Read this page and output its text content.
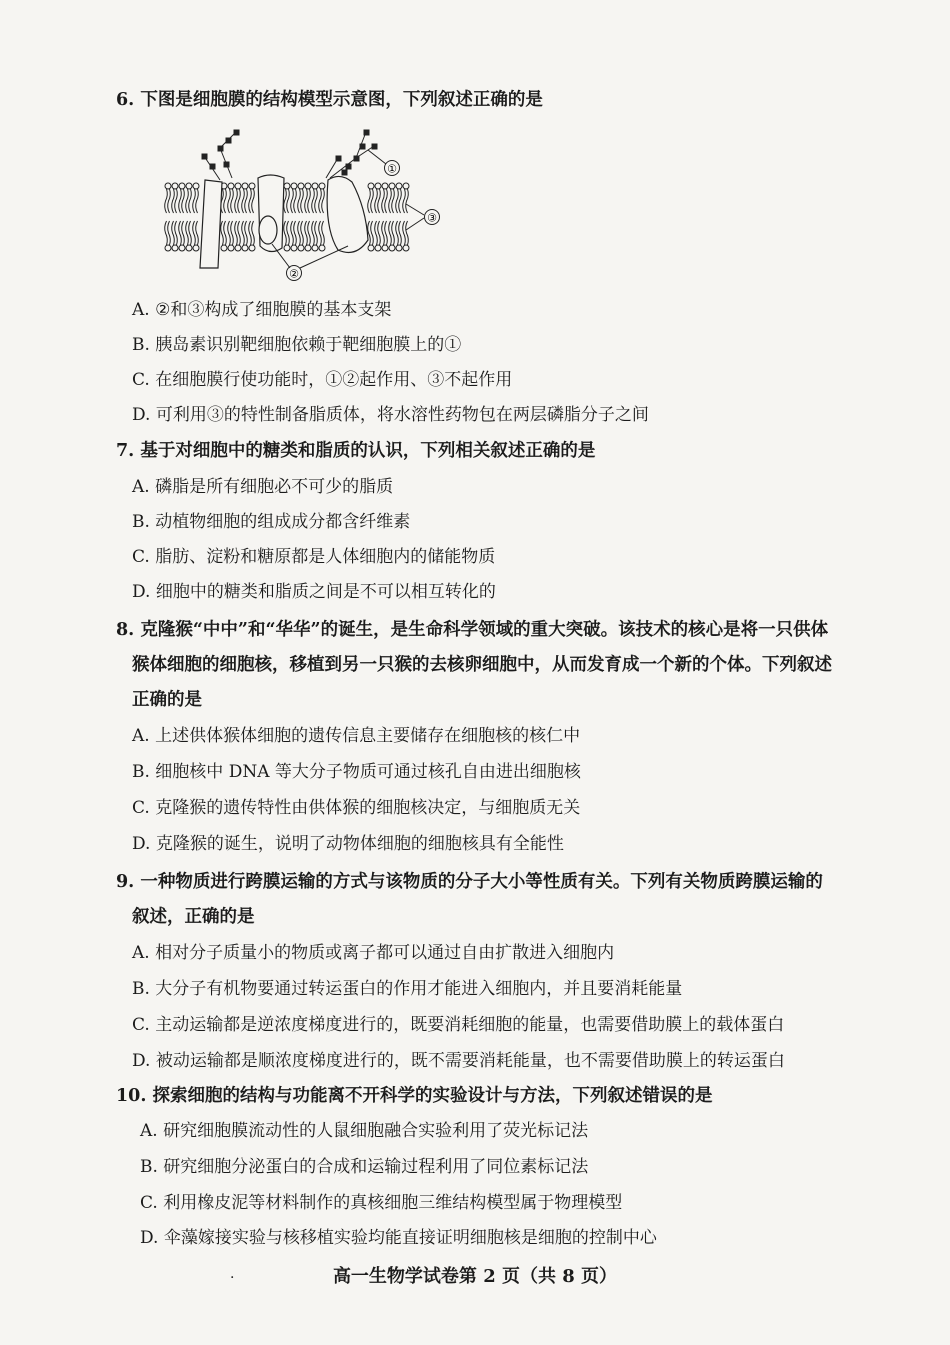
6. 下图是细胞膜的结构模型示意图，下列叙述正确的是
①
③
②
A. ②和③构成了细胞膜的基本支架
B. 胰岛素识别靶细胞依赖于靶细胞膜上的①
C. 在细胞膜行使功能时，①②起作用、③不起作用
D. 可利用③的特性制备脂质体，将水溶性药物包在两层磷脂分子之间
7. 基于对细胞中的糖类和脂质的认识，下列相关叙述正确的是
A. 磷脂是所有细胞必不可少的脂质
B. 动植物细胞的组成成分都含纤维素
C. 脂肪、淀粉和糖原都是人体细胞内的储能物质
D. 细胞中的糖类和脂质之间是不可以相互转化的
8. 克隆猴“中中”和“华华”的诞生，是生命科学领域的重大突破。该技术的核心是将一只供体
猴体细胞的细胞核，移植到另一只猴的去核卵细胞中，从而发育成一个新的个体。下列叙述
正确的是
A. 上述供体猴体细胞的遗传信息主要储存在细胞核的核仁中
B. 细胞核中 DNA 等大分子物质可通过核孔自由进出细胞核
C. 克隆猴的遗传特性由供体猴的细胞核决定，与细胞质无关
D. 克隆猴的诞生，说明了动物体细胞的细胞核具有全能性
9. 一种物质进行跨膜运输的方式与该物质的分子大小等性质有关。下列有关物质跨膜运输的
叙述，正确的是
A. 相对分子质量小的物质或离子都可以通过自由扩散进入细胞内
B. 大分子有机物要通过转运蛋白的作用才能进入细胞内，并且要消耗能量
C. 主动运输都是逆浓度梯度进行的，既要消耗细胞的能量，也需要借助膜上的载体蛋白
D. 被动运输都是顺浓度梯度进行的，既不需要消耗能量，也不需要借助膜上的转运蛋白
10. 探索细胞的结构与功能离不开科学的实验设计与方法，下列叙述错误的是
A. 研究细胞膜流动性的人鼠细胞融合实验利用了荧光标记法
B. 研究细胞分泌蛋白的合成和运输过程利用了同位素标记法
C. 利用橡皮泥等材料制作的真核细胞三维结构模型属于物理模型
D. 伞藻嫁接实验与核移植实验均能直接证明细胞核是细胞的控制中心
·	高一生物学试卷第 2 页（共 8 页）
